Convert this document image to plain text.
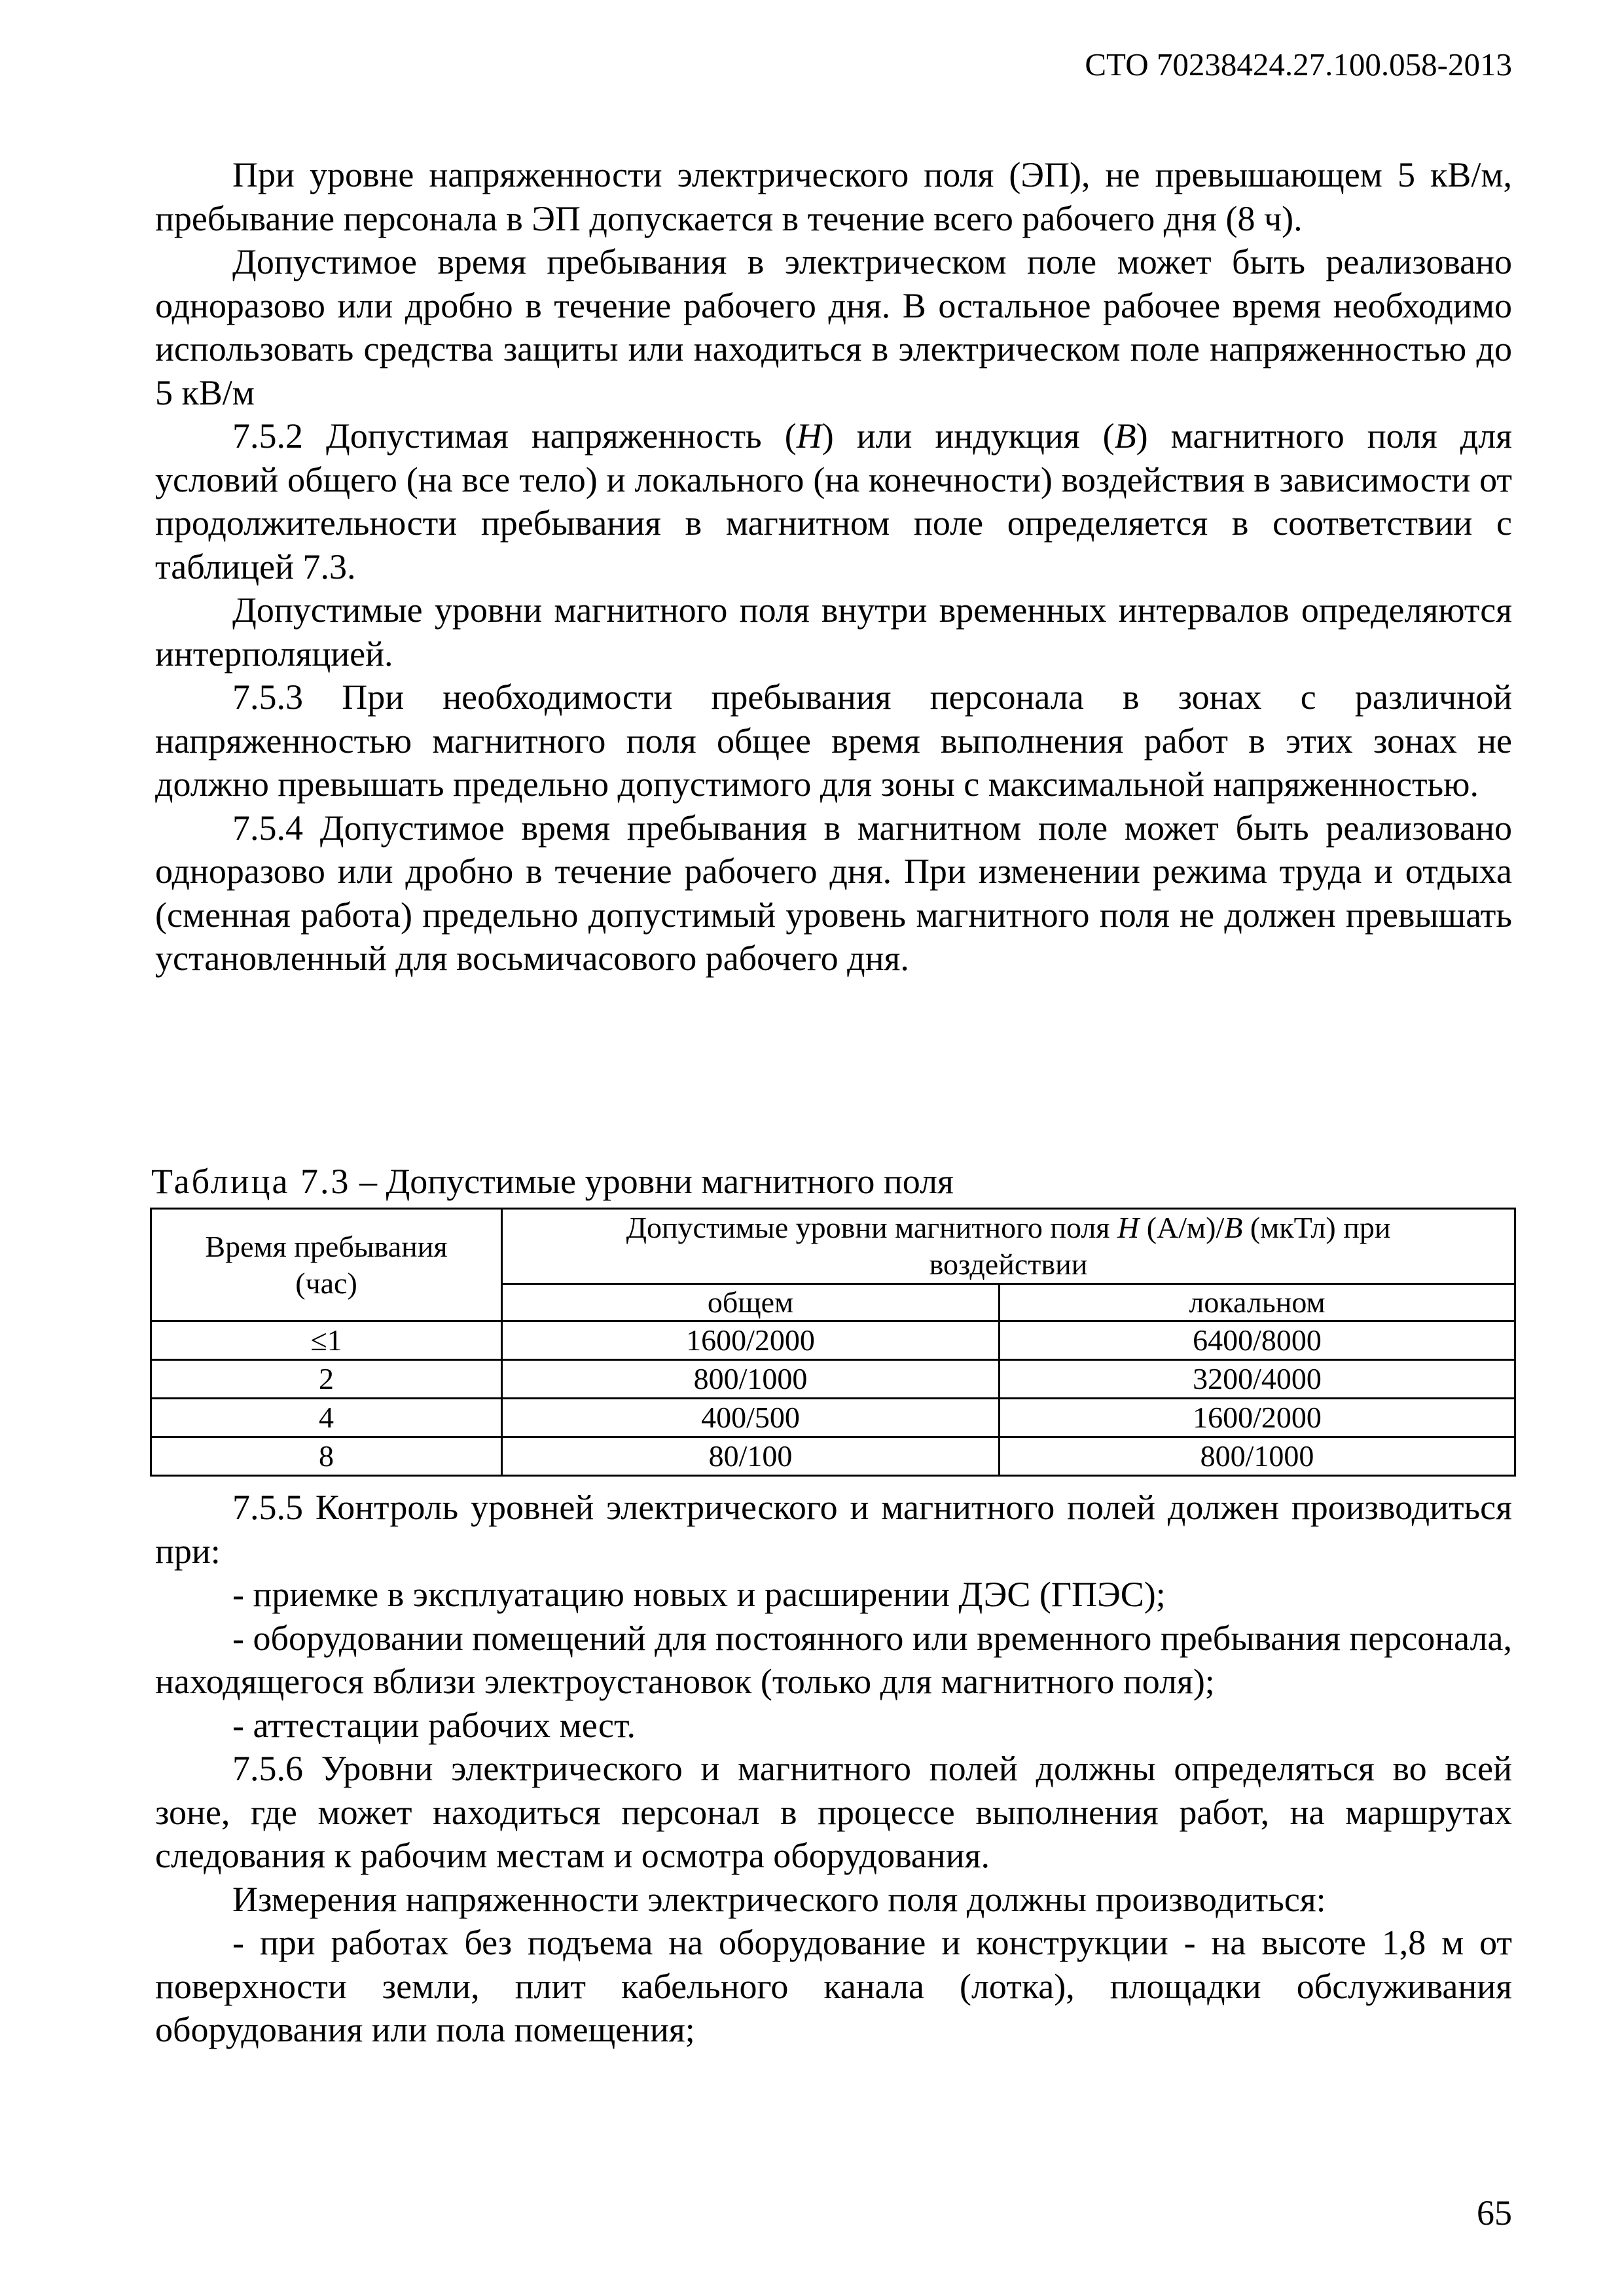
СТО 70238424.27.100.058-2013

При уровне напряженности электрического поля (ЭП), не превышающем 5 кВ/м, пребывание персонала в ЭП допускается в течение всего рабочего дня (8 ч).

Допустимое время пребывания в электрическом поле может быть реализовано одноразово или дробно в течение рабочего дня. В остальное рабочее время необходимо использовать средства защиты или находиться в электрическом поле напряженностью до 5 кВ/м

7.5.2 Допустимая напряженность (H) или индукция (B) магнитного поля для условий общего (на все тело) и локального (на конечности) воздействия в зависимости от продолжительности пребывания в магнитном поле определяется в соответствии с таблицей 7.3.

Допустимые уровни магнитного поля внутри временных интервалов определяются интерполяцией.

7.5.3 При необходимости пребывания персонала в зонах с различной напряженностью магнитного поля общее время выполнения работ в этих зонах не должно превышать предельно допустимого для зоны с максимальной напряженностью.

7.5.4 Допустимое время пребывания в магнитном поле может быть реализовано одноразово или дробно в течение рабочего дня. При изменении режима труда и отдыха (сменная работа) предельно допустимый уровень магнитного поля не должен превышать установленный для восьмичасового рабочего дня.

Таблица 7.3 – Допустимые уровни магнитного поля
Время пребывания (час)	Допустимые уровни магнитного поля H (А/м)/B (мкТл) при воздействии	
	общем	локальном
≤1	1600/2000	6400/8000
2	800/1000	3200/4000
4	400/500	1600/2000
8	80/100	800/1000

7.5.5 Контроль уровней электрического и магнитного полей должен производиться при:

- приемке в эксплуатацию новых и расширении ДЭС (ГПЭС);

- оборудовании помещений для постоянного или временного пребывания персонала, находящегося вблизи электроустановок (только для магнитного поля);

- аттестации рабочих мест.

7.5.6 Уровни электрического и магнитного полей должны определяться во всей зоне, где может находиться персонал в процессе выполнения работ, на маршрутах следования к рабочим местам и осмотра оборудования.

Измерения напряженности электрического поля должны производиться:

- при работах без подъема на оборудование и конструкции - на высоте 1,8 м от поверхности земли, плит кабельного канала (лотка), площадки обслуживания оборудования или пола помещения;

65
